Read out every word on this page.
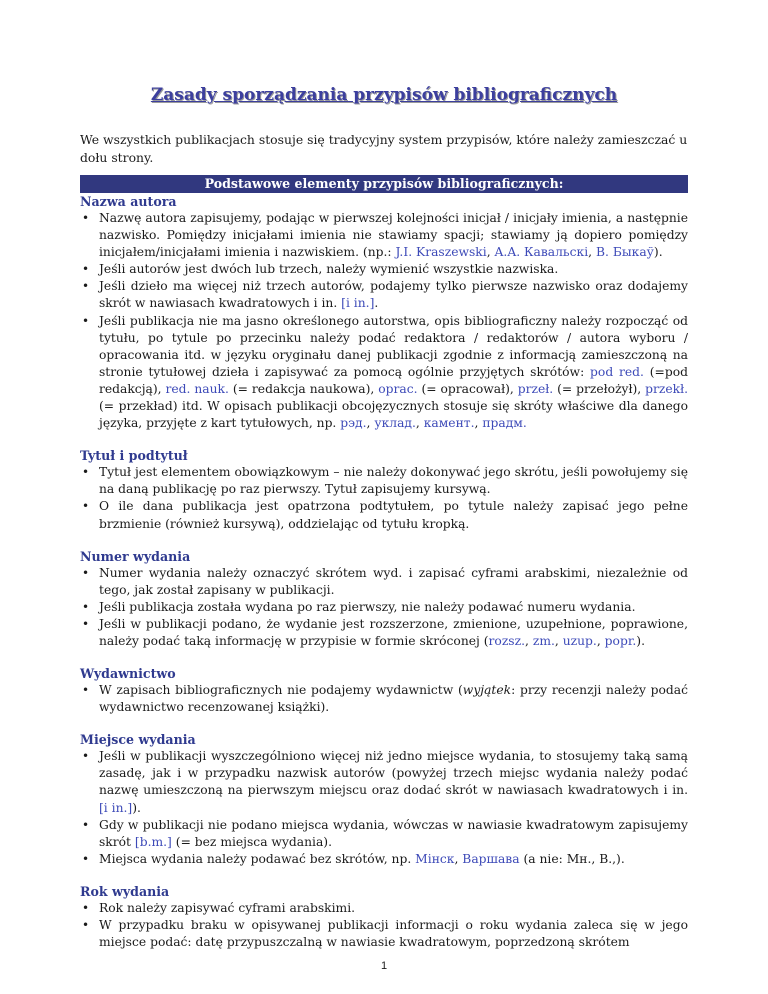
Zasady sporządzania przypisów bibliograficznych

We wszystkich publikacjach stosuje się tradycyjny system przypisów, które należy zamieszczać u dołu strony.

Podstawowe elementy przypisów bibliograficznych:
Nazwa autora
• Nazwę autora zapisujemy, podając w pierwszej kolejności inicjał / inicjały imienia, a następnie nazwisko. Pomiędzy inicjałami imienia nie stawiamy spacji; stawiamy ją dopiero pomiędzy inicjałem/inicjałami imienia i nazwiskiem. (np.: J.I. Kraszewski, A.A. Кавальскі, В. Быкаў).
• Jeśli autorów jest dwóch lub trzech, należy wymienić wszystkie nazwiska.
• Jeśli dzieło ma więcej niż trzech autorów, podajemy tylko pierwsze nazwisko oraz dodajemy skrót w nawiasach kwadratowych i in. [i in.].
• Jeśli publikacja nie ma jasno określonego autorstwa, opis bibliograficzny należy rozpocząć od tytułu, po tytule po przecinku należy podać redaktora / redaktorów / autora wyboru / opracowania itd. w języku oryginału danej publikacji zgodnie z informacją zamieszczoną na stronie tytułowej dzieła i zapisywać za pomocą ogólnie przyjętych skrótów: pod red. (=pod redakcją), red. nauk. (= redakcja naukowa), oprac. (= opracował), przeł. (= przełożył), przekł. (= przekład) itd. W opisach publikacji obcojęzycznych stosuje się skróty właściwe dla danego języka, przyjęte z kart tytułowych, np. рэд., уклад., камент., прадм.
Tytuł i podtytuł
• Tytuł jest elementem obowiązkowym – nie należy dokonywać jego skrótu, jeśli powołujemy się na daną publikację po raz pierwszy. Tytuł zapisujemy kursywą.
• O ile dana publikacja jest opatrzona podtytułem, po tytule należy zapisać jego pełne brzmienie (również kursywą), oddzielając od tytułu kropką.
Numer wydania
• Numer wydania należy oznaczyć skrótem wyd. i zapisać cyframi arabskimi, niezależnie od tego, jak został zapisany w publikacji.
• Jeśli publikacja została wydana po raz pierwszy, nie należy podawać numeru wydania.
• Jeśli w publikacji podano, że wydanie jest rozszerzone, zmienione, uzupełnione, poprawione, należy podać taką informację w przypisie w formie skróconej (rozsz., zm., uzup., popr.).
Wydawnictwo
• W zapisach bibliograficznych nie podajemy wydawnictw (wyjątek: przy recenzji należy podać wydawnictwo recenzowanej książki).
Miejsce wydania
• Jeśli w publikacji wyszczególniono więcej niż jedno miejsce wydania, to stosujemy taką samą zasadę, jak i w przypadku nazwisk autorów (powyżej trzech miejsc wydania należy podać nazwę umieszczoną na pierwszym miejscu oraz dodać skrót w nawiasach kwadratowych i in. [i in.]).
• Gdy w publikacji nie podano miejsca wydania, wówczas w nawiasie kwadratowym zapisujemy skrót [b.m.] (= bez miejsca wydania).
• Miejsca wydania należy podawać bez skrótów, np. Мінск, Варшава (a nie: Мн., В.,).
Rok wydania
• Rok należy zapisywać cyframi arabskimi.
• W przypadku braku w opisywanej publikacji informacji o roku wydania zaleca się w jego miejsce podać: datę przypuszczalną w nawiasie kwadratowym, poprzedzoną skrótem
1
